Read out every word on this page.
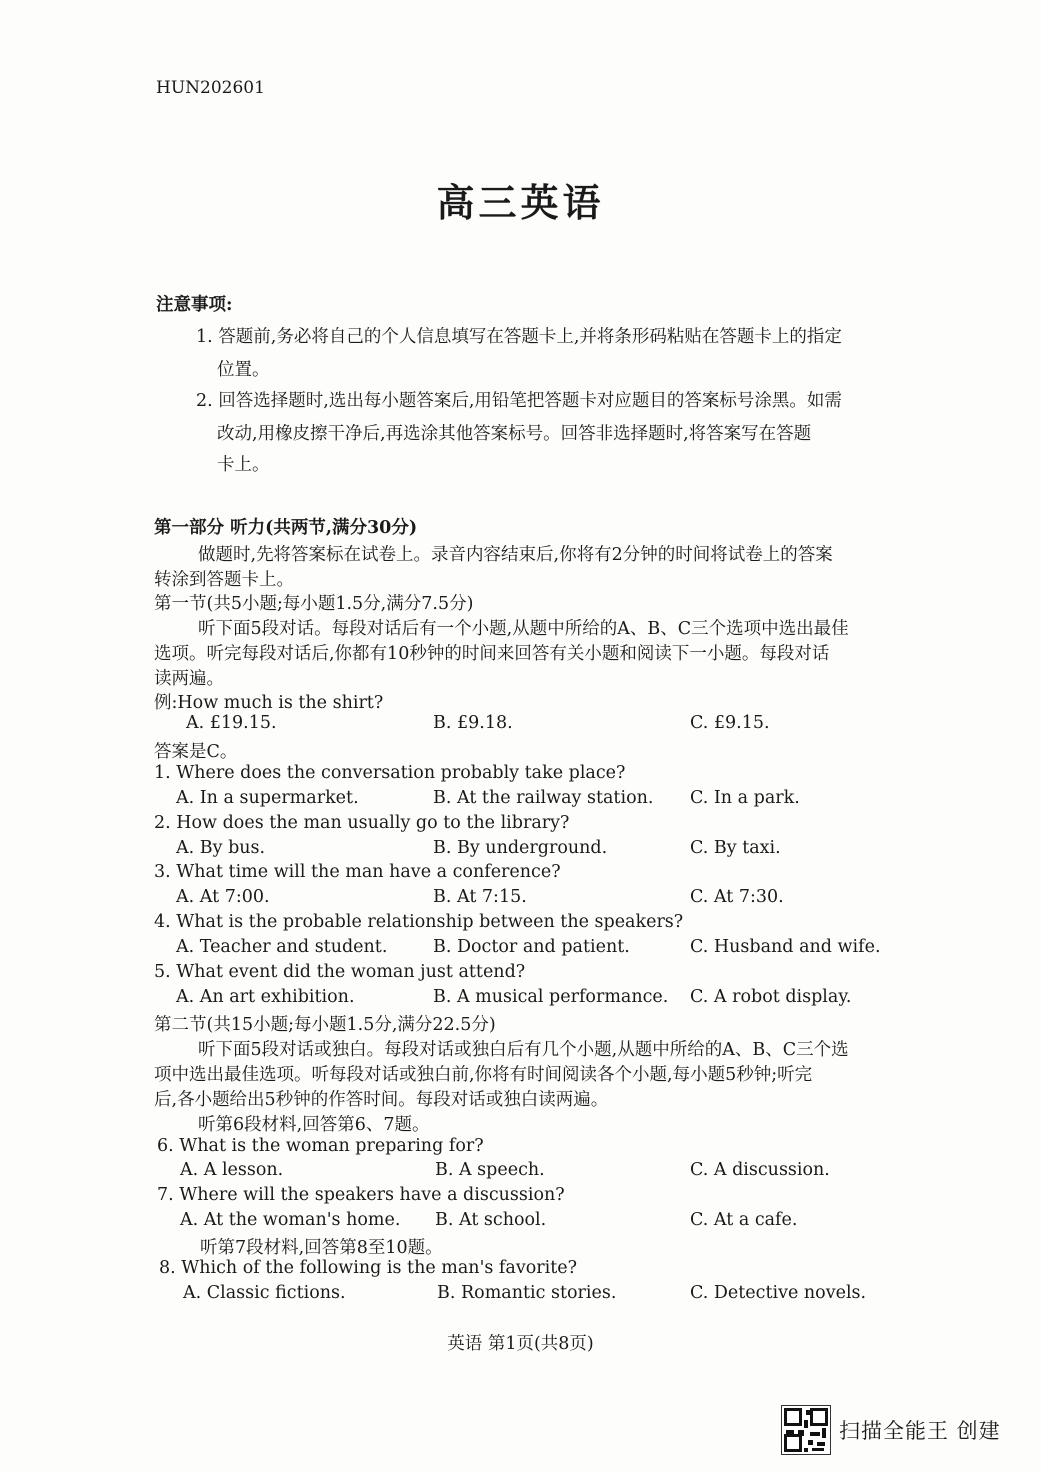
HUN202601
高三英语
注意事项:
1. 答题前,务必将自己的个人信息填写在答题卡上,并将条形码粘贴在答题卡上的指定
位置。
2. 回答选择题时,选出每小题答案后,用铅笔把答题卡对应题目的答案标号涂黑。如需
改动,用橡皮擦干净后,再选涂其他答案标号。回答非选择题时,将答案写在答题
卡上。
第一部分 听力(共两节,满分30分)
做题时,先将答案标在试卷上。录音内容结束后,你将有2分钟的时间将试卷上的答案
转涂到答题卡上。
第一节(共5小题;每小题1.5分,满分7.5分)
听下面5段对话。每段对话后有一个小题,从题中所给的A、B、C三个选项中选出最佳
选项。听完每段对话后,你都有10秒钟的时间来回答有关小题和阅读下一小题。每段对话
读两遍。
例:How much is the shirt?
A. £19.15.	B. £9.18.	C. £9.15.
答案是C。
1. Where does the conversation probably take place?
A. In a supermarket.	B. At the railway station. C. In a park.
2. How does the man usually go to the library?
A. By bus.	B. By underground.	C. By taxi.
3. What time will the man have a conference?
A. At 7:00.	B. At 7:15.	C. At 7:30.
4. What is the probable relationship between the speakers?
A. Teacher and student.	B. Doctor and patient.	C. Husband and wife.
5. What event did the woman just attend?
A. An art exhibition.	B. A musical performance. C. A robot display.
第二节(共15小题;每小题1.5分,满分22.5分)
听下面5段对话或独白。每段对话或独白后有几个小题,从题中所给的A、B、C三个选
项中选出最佳选项。听每段对话或独白前,你将有时间阅读各个小题,每小题5秒钟;听完
后,各小题给出5秒钟的作答时间。每段对话或独白读两遍。
听第6段材料,回答第6、7题。
6. What is the woman preparing for?
A. A lesson.	B. A speech.	C. A discussion.
7. Where will the speakers have a discussion?
A. At the woman's home. B. At school.	C. At a cafe.
听第7段材料,回答第8至10题。
8. Which of the following is the man's favorite?
A. Classic fictions.	B. Romantic stories.	C. Detective novels.
英语 第1页(共8页)
扫描全能王 创建
